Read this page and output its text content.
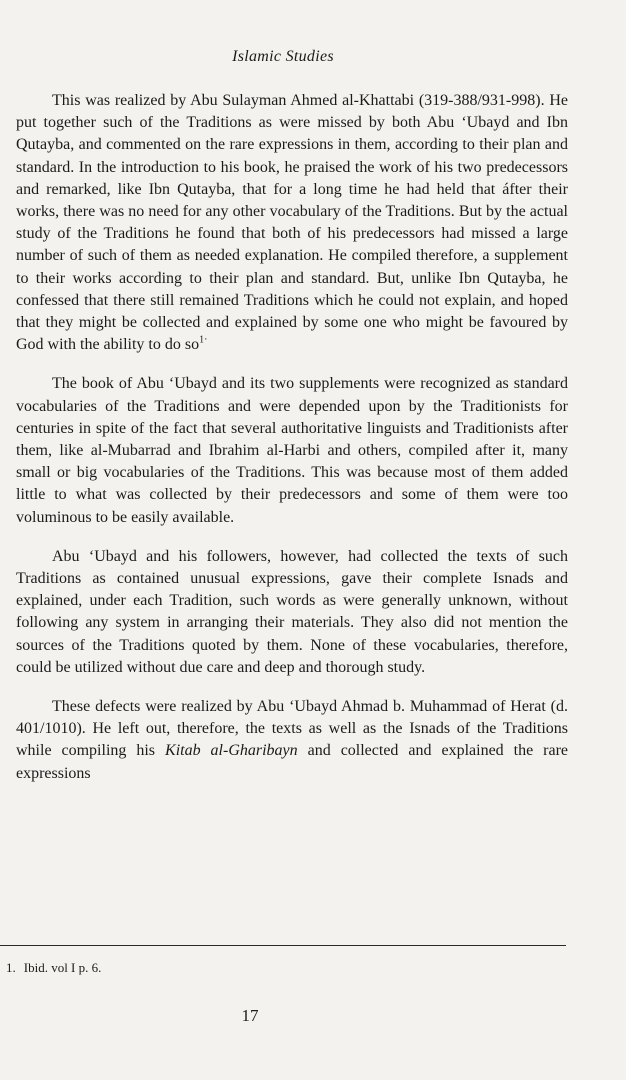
Islamic Studies

This was realized by Abu Sulayman Ahmed al-Khattabi (319-388/931-998). He put together such of the Traditions as were missed by both Abu ‘Ubayd and Ibn Qutayba, and commented on the rare expressions in them, according to their plan and standard. In the introduction to his book, he praised the work of his two predecessors and remarked, like Ibn Qutayba, that for a long time he had held that áfter their works, there was no need for any other vocabulary of the Traditions. But by the actual study of the Traditions he found that both of his predecessors had missed a large number of such of them as needed explanation. He compiled therefore, a supplement to their works according to their plan and standard. But, unlike Ibn Qutayba, he confessed that there still remained Traditions which he could not explain, and hoped that they might be collected and explained by some one who might be favoured by God with the ability to do $so^{1\cdot}$

The book of Abu ‘Ubayd and its two supplements were recognized as standard vocabularies of the Traditions and were depended upon by the Traditionists for centuries in spite of the fact that several authoritative linguists and Traditionists after them, like al-Mubarrad and Ibrahim al-Harbi and others, compiled after it, many small or big vocabularies of the Traditions. This was because most of them added little to what was collected by their predecessors and some of them were too voluminous to be easily available.

Abu ‘Ubayd and his followers, however, had collected the texts of such Traditions as contained unusual expressions, gave their complete Isnads and explained, under each Tradition, such words as were generally unknown, without following any system in arranging their materials. They also did not mention the sources of the Traditions quoted by them. None of these vocabularies, therefore, could be utilized without due care and deep and thorough study.

These defects were realized by Abu ‘Ubayd Ahmad b. Muhammad of Herat (d. 401/1010). He left out, therefore, the texts as well as the Isnads of the Traditions while compiling his Kitab al-Gharibayn and collected and explained the rare expressions

1. Ibid. vol I p. 6.
17
